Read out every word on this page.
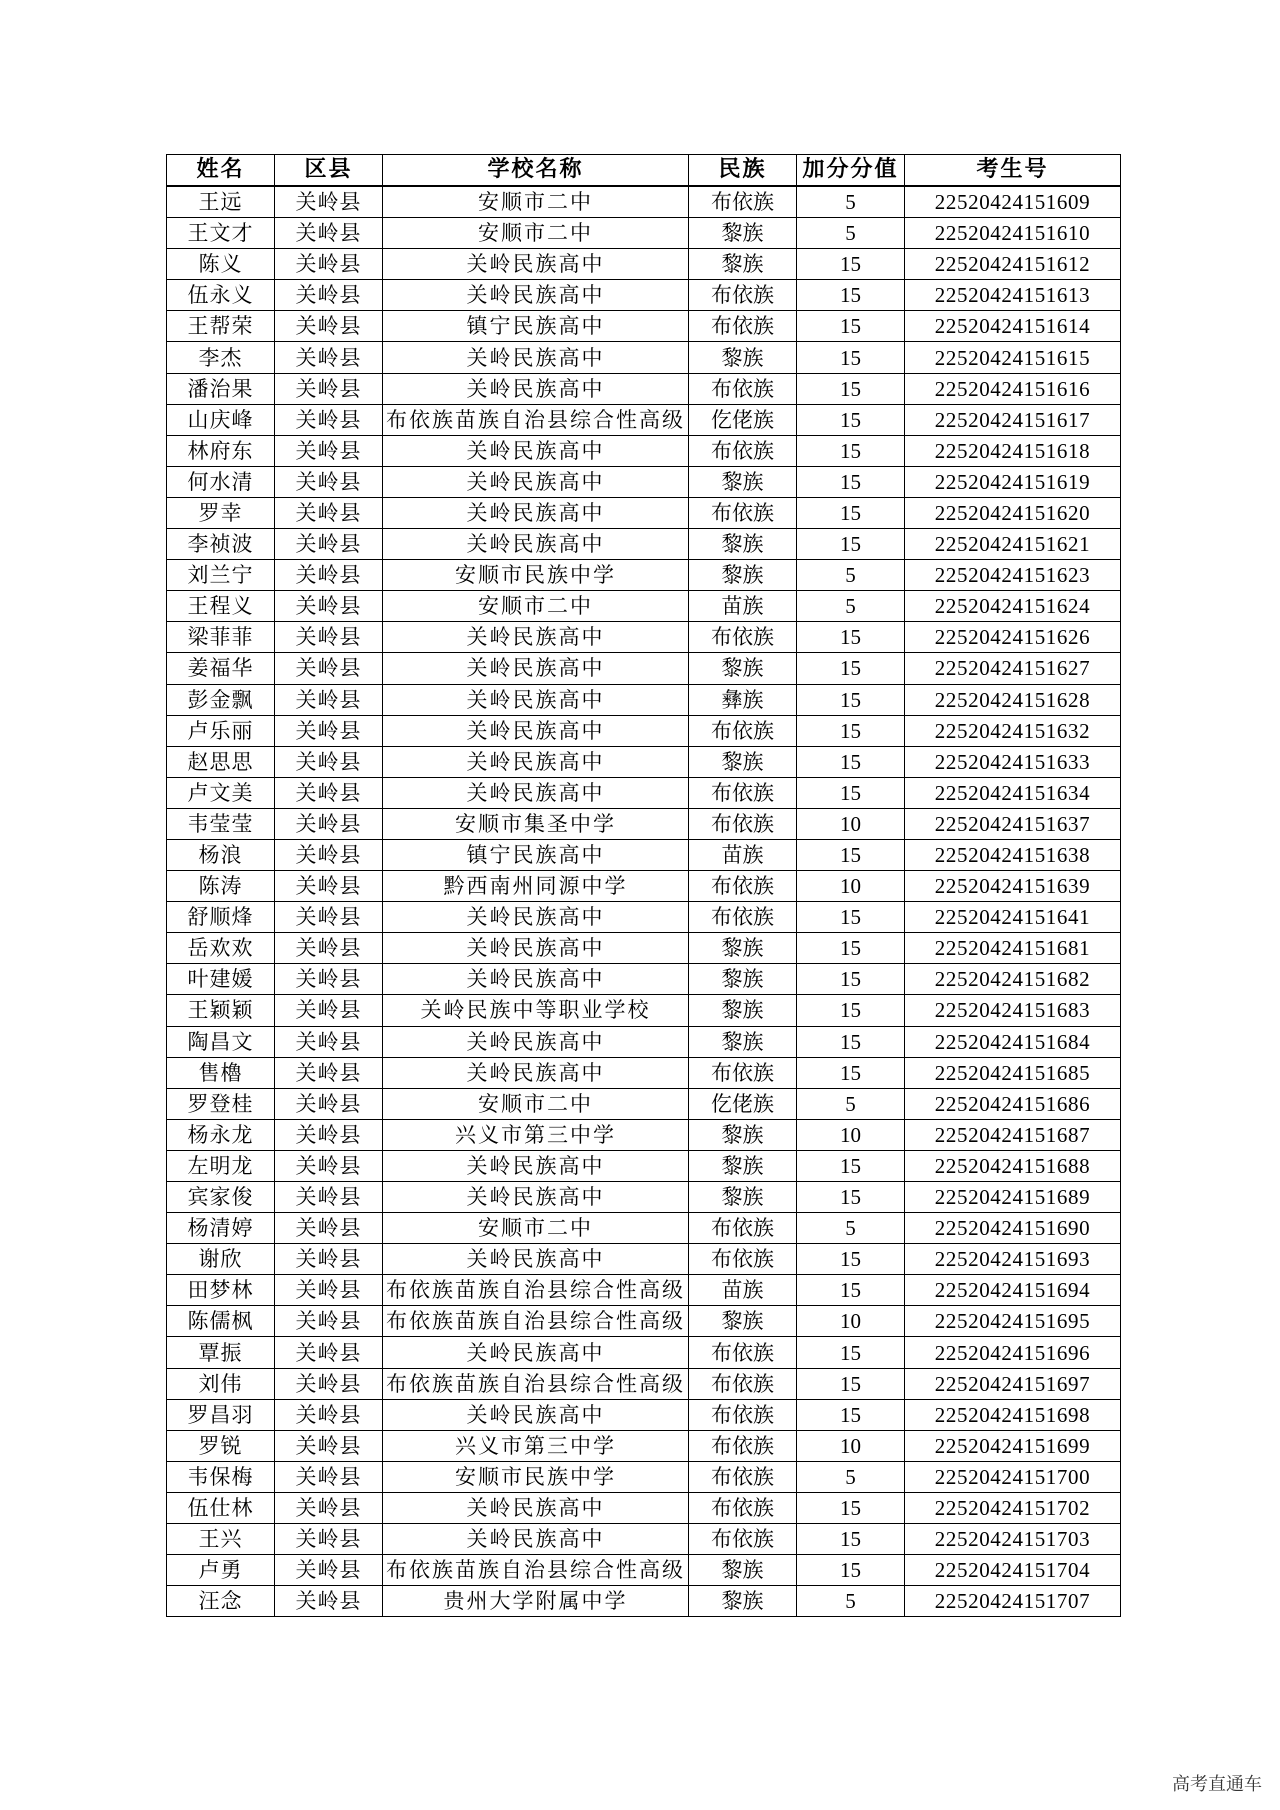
姓名	区县	学校名称	民族	加分分值	考生号
王远	关岭县	安顺市二中	布依族	5	22520424151609
王文才	关岭县	安顺市二中	黎族	5	22520424151610
陈义	关岭县	关岭民族高中	黎族	15	22520424151612
伍永义	关岭县	关岭民族高中	布依族	15	22520424151613
王帮荣	关岭县	镇宁民族高中	布依族	15	22520424151614
李杰	关岭县	关岭民族高中	黎族	15	22520424151615
潘治果	关岭县	关岭民族高中	布依族	15	22520424151616
山庆峰	关岭县	布依族苗族自治县综合性高级	仡佬族	15	22520424151617
林府东	关岭县	关岭民族高中	布依族	15	22520424151618
何水清	关岭县	关岭民族高中	黎族	15	22520424151619
罗幸	关岭县	关岭民族高中	布依族	15	22520424151620
李祯波	关岭县	关岭民族高中	黎族	15	22520424151621
刘兰宁	关岭县	安顺市民族中学	黎族	5	22520424151623
王程义	关岭县	安顺市二中	苗族	5	22520424151624
梁菲菲	关岭县	关岭民族高中	布依族	15	22520424151626
姜福华	关岭县	关岭民族高中	黎族	15	22520424151627
彭金飘	关岭县	关岭民族高中	彝族	15	22520424151628
卢乐丽	关岭县	关岭民族高中	布依族	15	22520424151632
赵思思	关岭县	关岭民族高中	黎族	15	22520424151633
卢文美	关岭县	关岭民族高中	布依族	15	22520424151634
韦莹莹	关岭县	安顺市集圣中学	布依族	10	22520424151637
杨浪	关岭县	镇宁民族高中	苗族	15	22520424151638
陈涛	关岭县	黔西南州同源中学	布依族	10	22520424151639
舒顺烽	关岭县	关岭民族高中	布依族	15	22520424151641
岳欢欢	关岭县	关岭民族高中	黎族	15	22520424151681
叶建媛	关岭县	关岭民族高中	黎族	15	22520424151682
王颖颖	关岭县	关岭民族中等职业学校	黎族	15	22520424151683
陶昌文	关岭县	关岭民族高中	黎族	15	22520424151684
售櫓	关岭县	关岭民族高中	布依族	15	22520424151685
罗登桂	关岭县	安顺市二中	仡佬族	5	22520424151686
杨永龙	关岭县	兴义市第三中学	黎族	10	22520424151687
左明龙	关岭县	关岭民族高中	黎族	15	22520424151688
宾家俊	关岭县	关岭民族高中	黎族	15	22520424151689
杨清婷	关岭县	安顺市二中	布依族	5	22520424151690
谢欣	关岭县	关岭民族高中	布依族	15	22520424151693
田梦林	关岭县	布依族苗族自治县综合性高级	苗族	15	22520424151694
陈儒枫	关岭县	布依族苗族自治县综合性高级	黎族	10	22520424151695
覃振	关岭县	关岭民族高中	布依族	15	22520424151696
刘伟	关岭县	布依族苗族自治县综合性高级	布依族	15	22520424151697
罗昌羽	关岭县	关岭民族高中	布依族	15	22520424151698
罗锐	关岭县	兴义市第三中学	布依族	10	22520424151699
韦保梅	关岭县	安顺市民族中学	布依族	5	22520424151700
伍仕林	关岭县	关岭民族高中	布依族	15	22520424151702
王兴	关岭县	关岭民族高中	布依族	15	22520424151703
卢勇	关岭县	布依族苗族自治县综合性高级	黎族	15	22520424151704
汪念	关岭县	贵州大学附属中学	黎族	5	22520424151707
高考直通车
